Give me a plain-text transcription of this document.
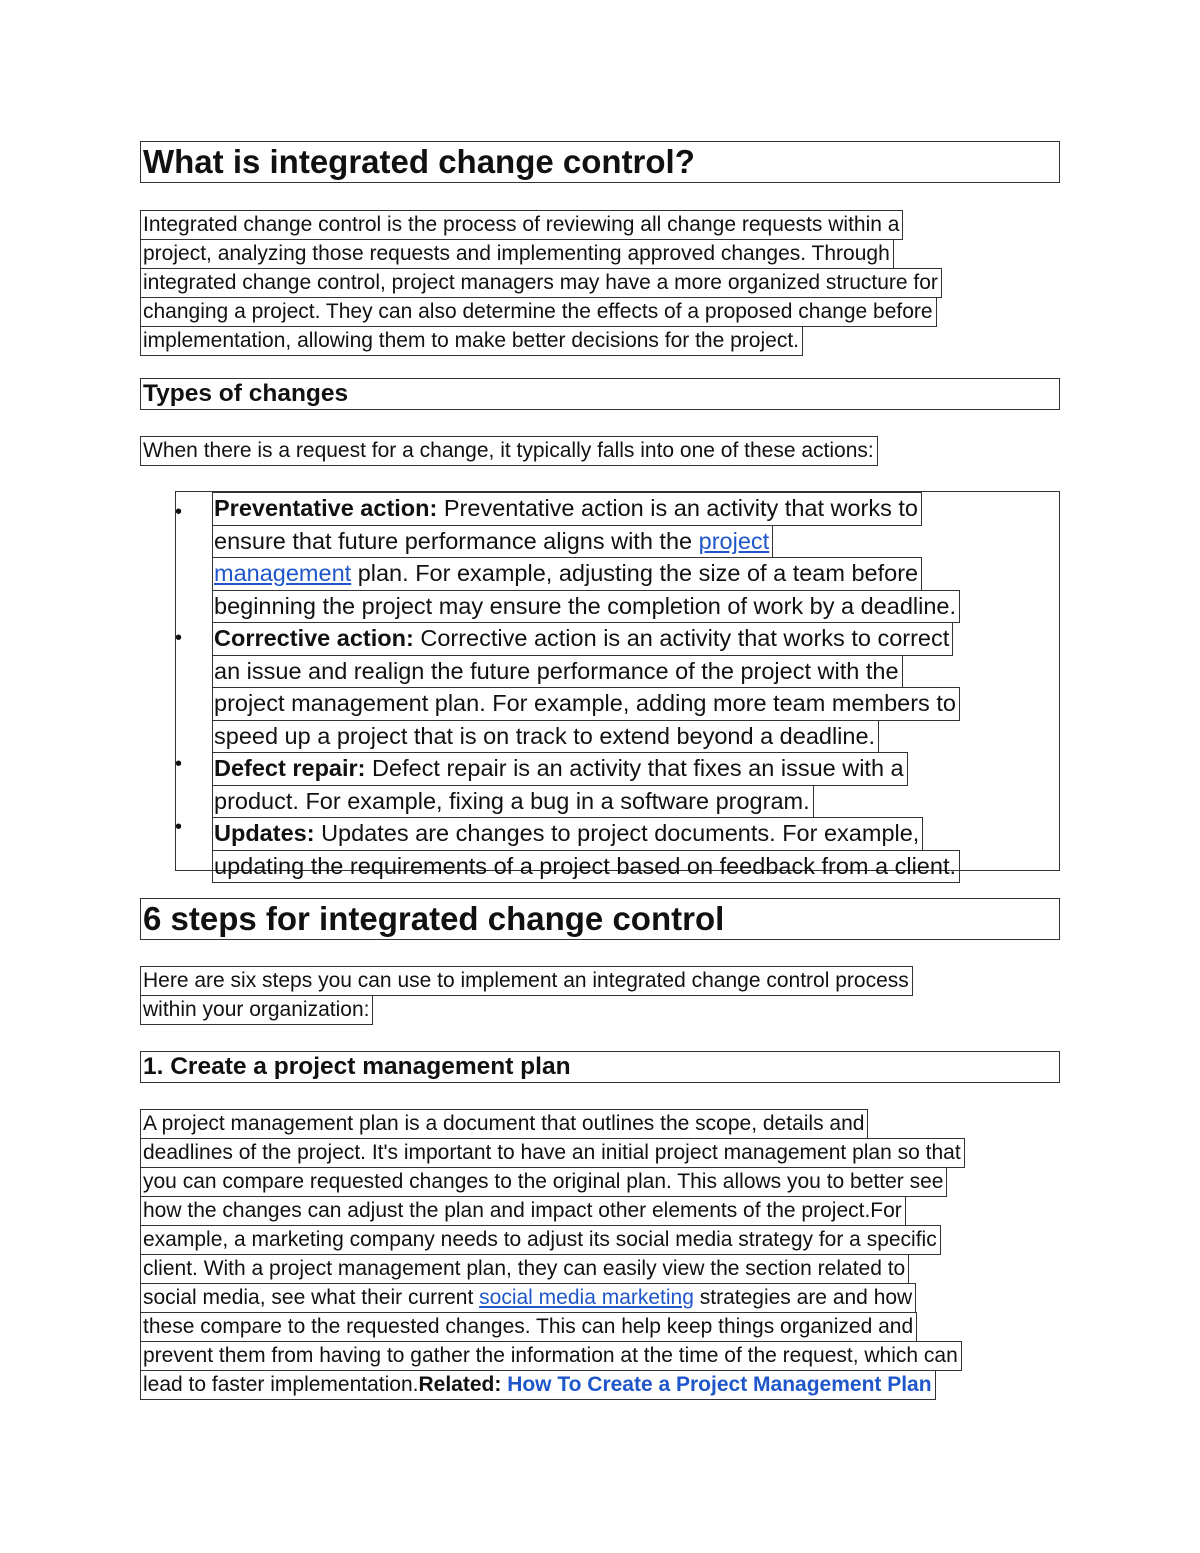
What is integrated change control?
Integrated change control is the process of reviewing all change requests within a
project, analyzing those requests and implementing approved changes. Through
integrated change control, project managers may have a more organized structure for
changing a project. They can also determine the effects of a proposed change before
implementation, allowing them to make better decisions for the project.
Types of changes
When there is a request for a change, it typically falls into one of these actions:
•
•
•
•
Preventative action: Preventative action is an activity that works to
ensure that future performance aligns with the project
management plan. For example, adjusting the size of a team before
beginning the project may ensure the completion of work by a deadline.
Corrective action: Corrective action is an activity that works to correct
an issue and realign the future performance of the project with the
project management plan. For example, adding more team members to
speed up a project that is on track to extend beyond a deadline.
Defect repair: Defect repair is an activity that fixes an issue with a
product. For example, fixing a bug in a software program.
Updates: Updates are changes to project documents. For example,
updating the requirements of a project based on feedback from a client.
6 steps for integrated change control
Here are six steps you can use to implement an integrated change control process
within your organization:
1. Create a project management plan
A project management plan is a document that outlines the scope, details and
deadlines of the project. It's important to have an initial project management plan so that
you can compare requested changes to the original plan. This allows you to better see
how the changes can adjust the plan and impact other elements of the project.For
example, a marketing company needs to adjust its social media strategy for a specific
client. With a project management plan, they can easily view the section related to
social media, see what their current social media marketing strategies are and how
these compare to the requested changes. This can help keep things organized and
prevent them from having to gather the information at the time of the request, which can
lead to faster implementation.Related: How To Create a Project Management Plan
